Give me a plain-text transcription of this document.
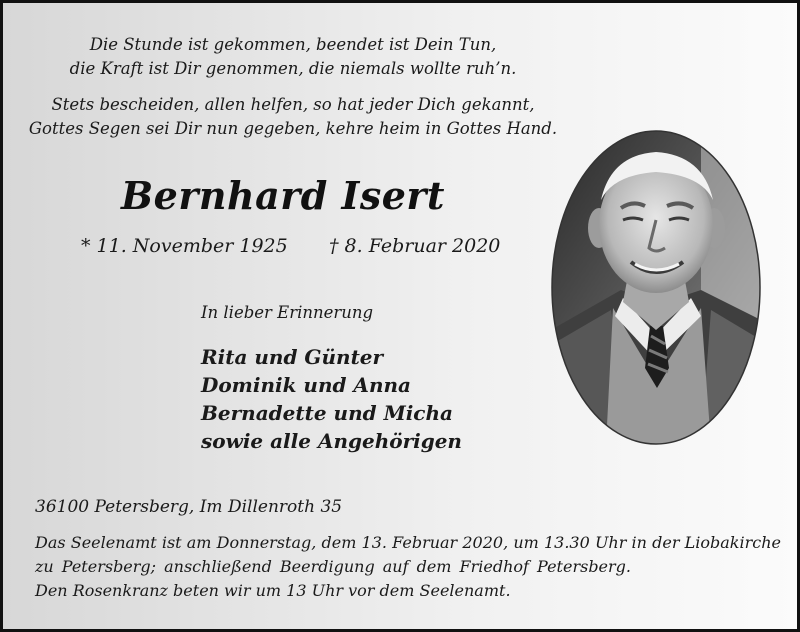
Die Stunde ist gekommen, beendet ist Dein Tun,
die Kraft ist Dir genommen, die niemals wollte ruh’n.
Stets bescheiden, allen helfen, so hat jeder Dich gekannt,
Gottes Segen sei Dir nun gegeben, kehre heim in Gottes Hand.
Bernhard Isert
* 11. November 1925 † 8. Februar 2020
In lieber Erinnerung
Rita und Günter
Dominik und Anna
Bernadette und Micha
sowie alle Angehörigen
36100 Petersberg, Im Dillenroth 35
Das Seelenamt ist am Donnerstag, dem 13. Februar 2020, um 13.30 Uhr in der Liobakirche
zu Petersberg; anschließend Beerdigung auf dem Friedhof Petersberg.
Den Rosenkranz beten wir um 13 Uhr vor dem Seelenamt.
